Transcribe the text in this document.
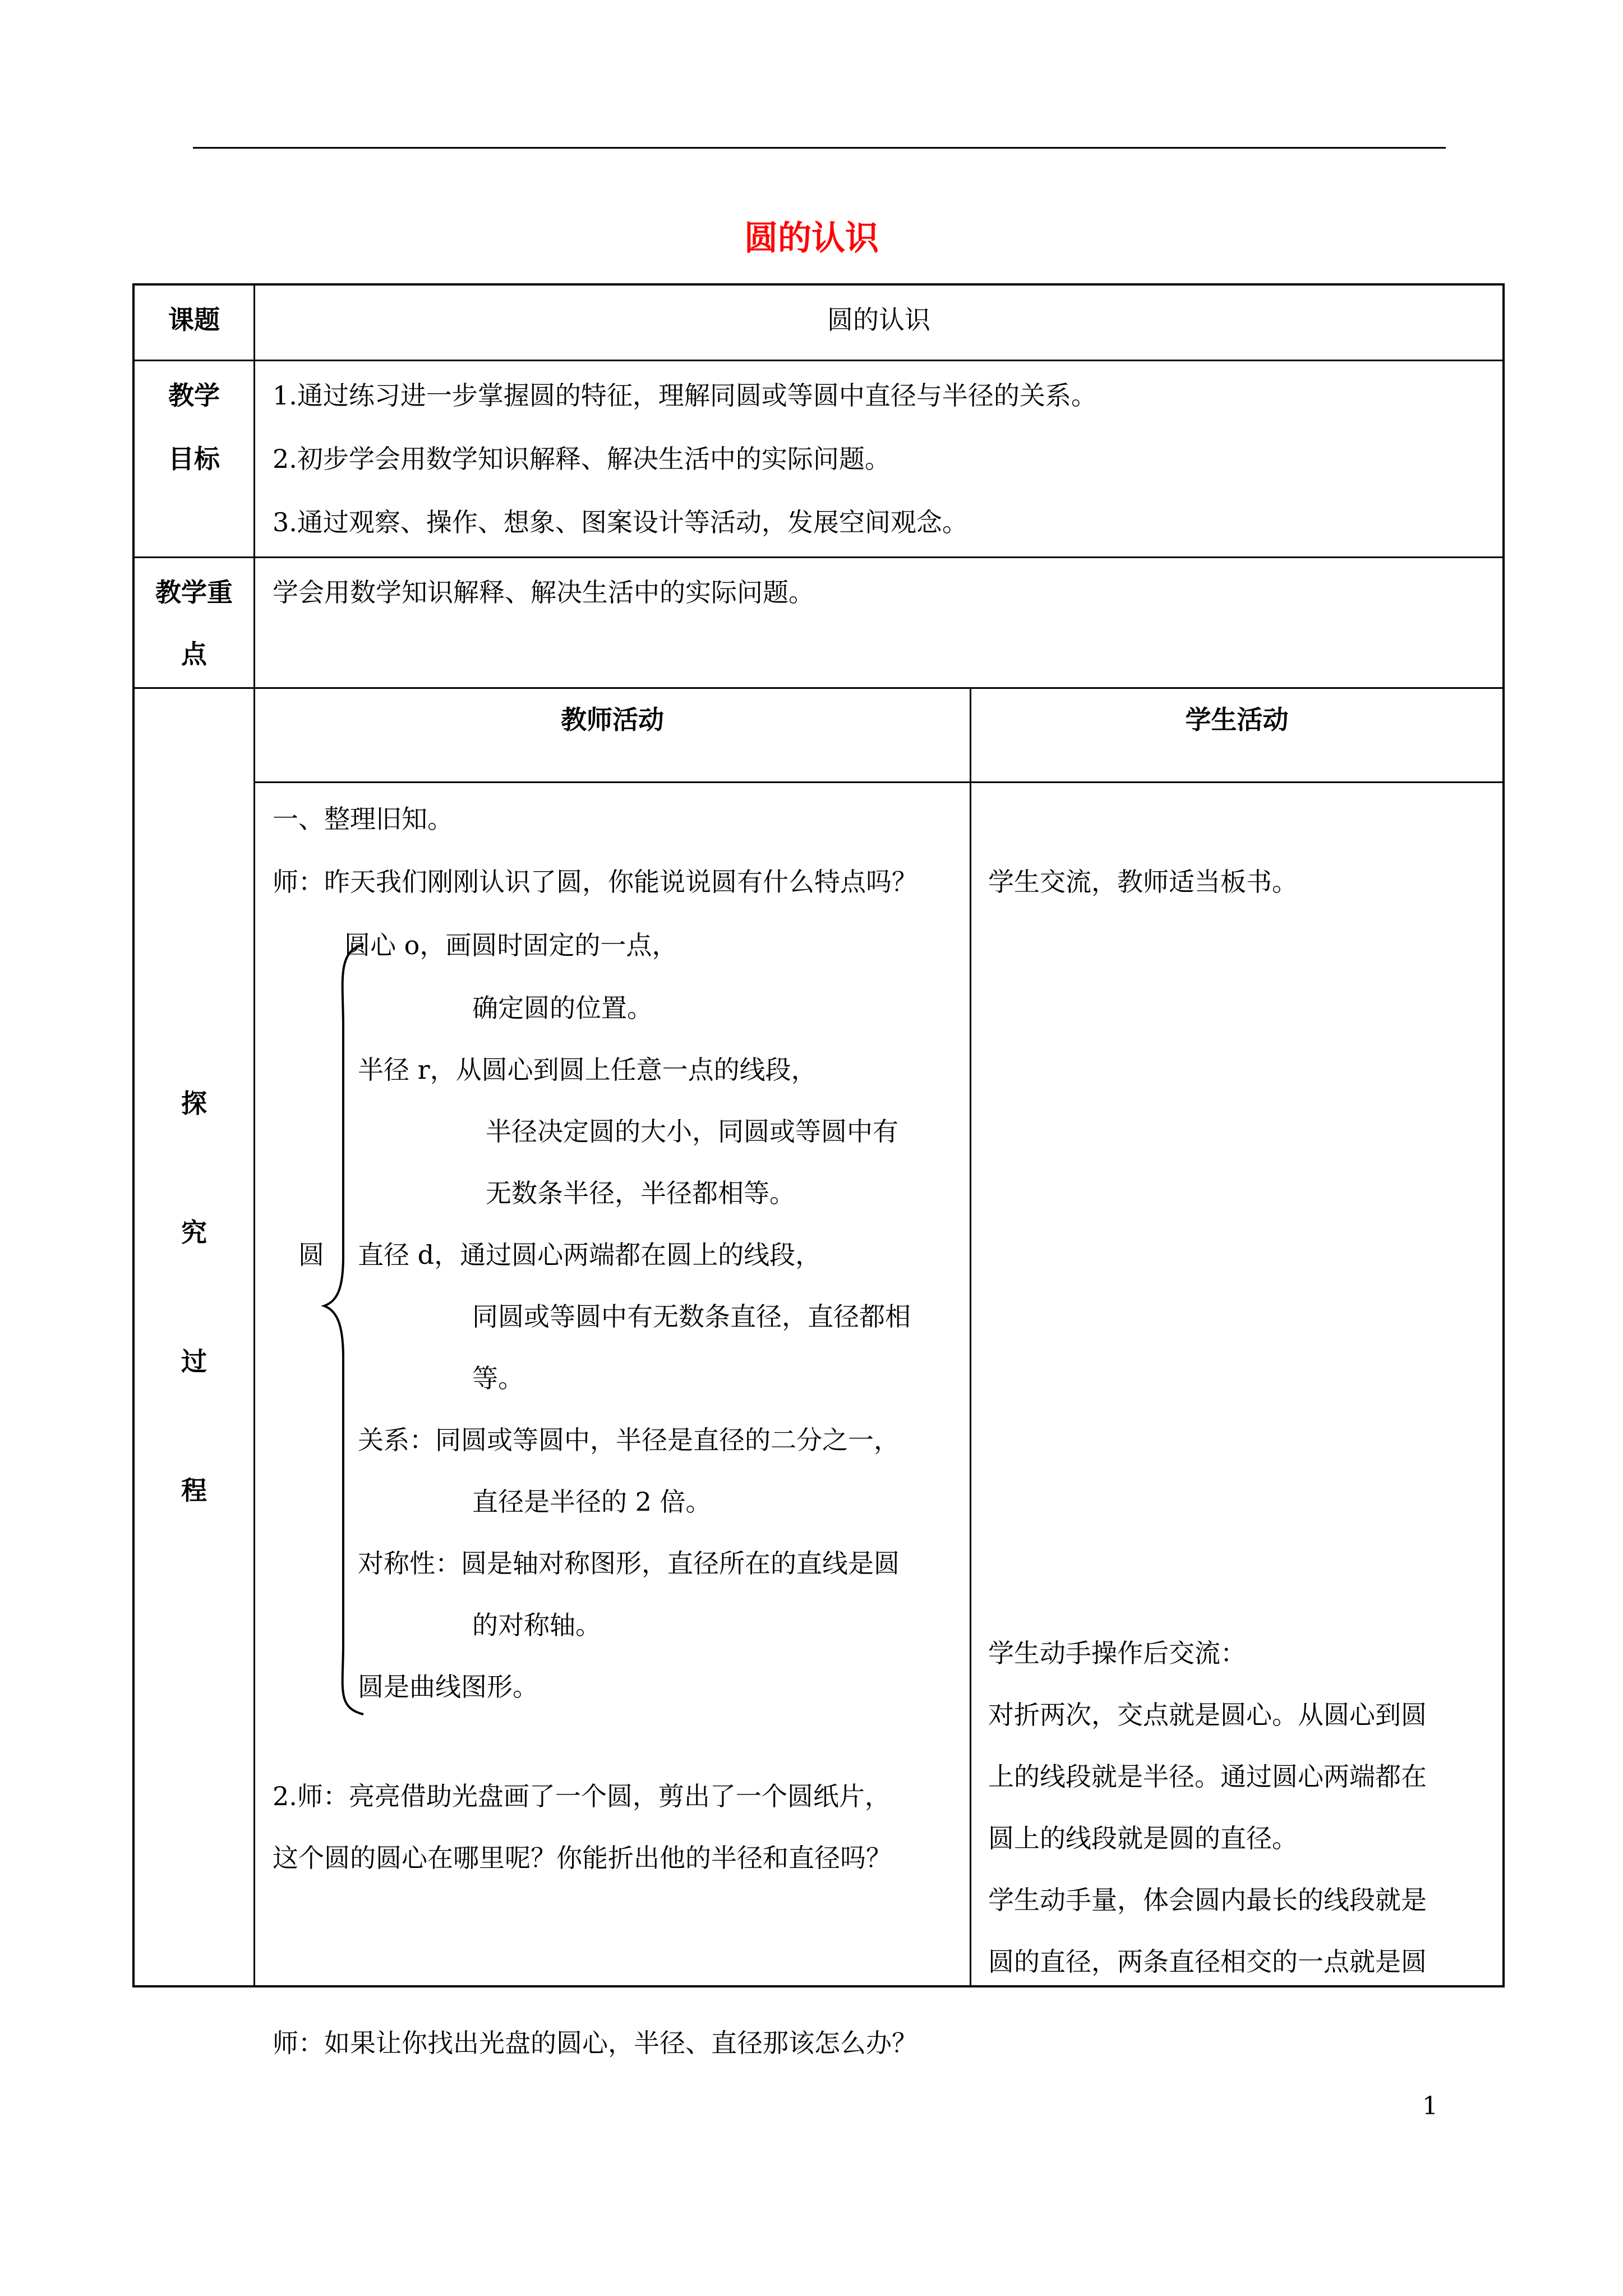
圆的认识
课题	圆的认识
教学
目标
1.通过练习进一步掌握圆的特征，理解同圆或等圆中直径与半径的关系。
2.初步学会用数学知识解释、解决生活中的实际问题。
3.通过观察、操作、想象、图案设计等活动，发展空间观念。
教学重
点
学会用数学知识解释、解决生活中的实际问题。
探
究
过
程
教师活动	学生活动
一、整理旧知。
师：昨天我们刚刚认识了圆，你能说说圆有什么特点吗？
圆心 o，画圆时固定的一点，
确定圆的位置。
半径 r，从圆心到圆上任意一点的线段，
半径决定圆的大小，同圆或等圆中有
无数条半径，半径都相等。
直径 d，通过圆心两端都在圆上的线段，
同圆或等圆中有无数条直径，直径都相
等。
关系：同圆或等圆中，半径是直径的二分之一，
直径是半径的 2 倍。
对称性：圆是轴对称图形，直径所在的直线是圆
的对称轴。
圆是曲线图形。
圆
2.师：亮亮借助光盘画了一个圆，剪出了一个圆纸片，
这个圆的圆心在哪里呢？你能折出他的半径和直径吗？
师：如果让你找出光盘的圆心，半径、直径那该怎么办？
学生交流，教师适当板书。
学生动手操作后交流：
对折两次，交点就是圆心。从圆心到圆
上的线段就是半径。通过圆心两端都在
圆上的线段就是圆的直径。
学生动手量，体会圆内最长的线段就是
圆的直径，两条直径相交的一点就是圆
1
